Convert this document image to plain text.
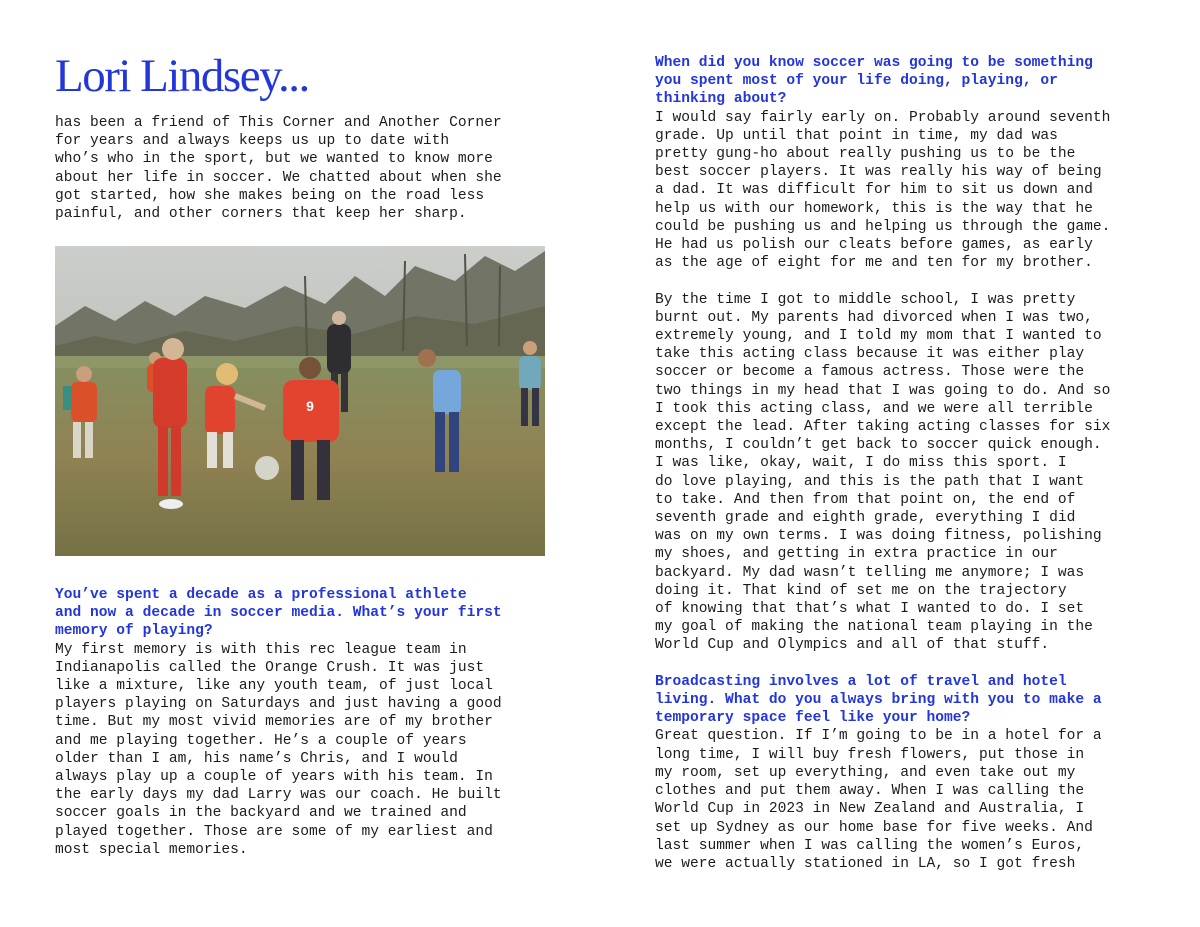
Lori Lindsey...

has been a friend of This Corner and Another Corner
for years and always keeps us up to date with
who’s who in the sport, but we wanted to know more
about her life in soccer. We chatted about when she
got started, how she makes being on the road less
painful, and other corners that keep her sharp.

9

You’ve spent a decade as a professional athlete
and now a decade in soccer media. What’s your first
memory of playing?

My first memory is with this rec league team in
Indianapolis called the Orange Crush. It was just
like a mixture, like any youth team, of just local
players playing on Saturdays and just having a good
time. But my most vivid memories are of my brother
and me playing together. He’s a couple of years
older than I am, his name’s Chris, and I would
always play up a couple of years with his team. In
the early days my dad Larry was our coach. He built
soccer goals in the backyard and we trained and
played together. Those are some of my earliest and
most special memories.

When did you know soccer was going to be something
you spent most of your life doing, playing, or
thinking about?

I would say fairly early on. Probably around seventh
grade. Up until that point in time, my dad was
pretty gung-ho about really pushing us to be the
best soccer players. It was really his way of being
a dad. It was difficult for him to sit us down and
help us with our homework, this is the way that he
could be pushing us and helping us through the game.
He had us polish our cleats before games, as early
as the age of eight for me and ten for my brother.

By the time I got to middle school, I was pretty
burnt out. My parents had divorced when I was two,
extremely young, and I told my mom that I wanted to
take this acting class because it was either play
soccer or become a famous actress. Those were the
two things in my head that I was going to do. And so
I took this acting class, and we were all terrible
except the lead. After taking acting classes for six
months, I couldn’t get back to soccer quick enough.
I was like, okay, wait, I do miss this sport. I
do love playing, and this is the path that I want
to take. And then from that point on, the end of
seventh grade and eighth grade, everything I did
was on my own terms. I was doing fitness, polishing
my shoes, and getting in extra practice in our
backyard. My dad wasn’t telling me anymore; I was
doing it. That kind of set me on the trajectory
of knowing that that’s what I wanted to do. I set
my goal of making the national team playing in the
World Cup and Olympics and all of that stuff.

Broadcasting involves a lot of travel and hotel
living. What do you always bring with you to make a
temporary space feel like your home?

Great question. If I’m going to be in a hotel for a
long time, I will buy fresh flowers, put those in
my room, set up everything, and even take out my
clothes and put them away. When I was calling the
World Cup in 2023 in New Zealand and Australia, I
set up Sydney as our home base for five weeks. And
last summer when I was calling the women’s Euros,
we were actually stationed in LA, so I got fresh
